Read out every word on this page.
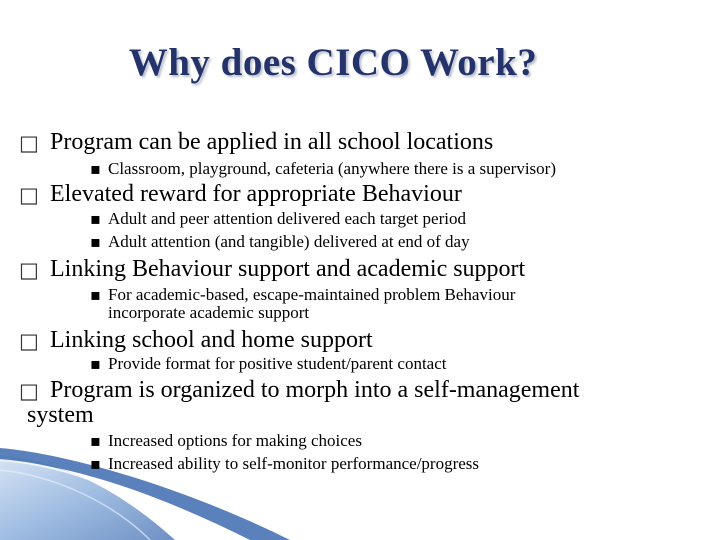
Why does CICO Work?
□ Program can be applied in all school locations
▪ Classroom, playground, cafeteria (anywhere there is a supervisor)
□ Elevated reward for appropriate Behaviour
▪ Adult and peer attention delivered each target period
▪ Adult attention (and tangible) delivered at end of day
□ Linking Behaviour support and academic support
▪ For academic-based, escape-maintained problem Behaviour
incorporate academic support
□ Linking school and home support
▪ Provide format for positive student/parent contact
□ Program is organized to morph into a self-management
system
▪ Increased options for making choices
▪ Increased ability to self-monitor performance/progress
